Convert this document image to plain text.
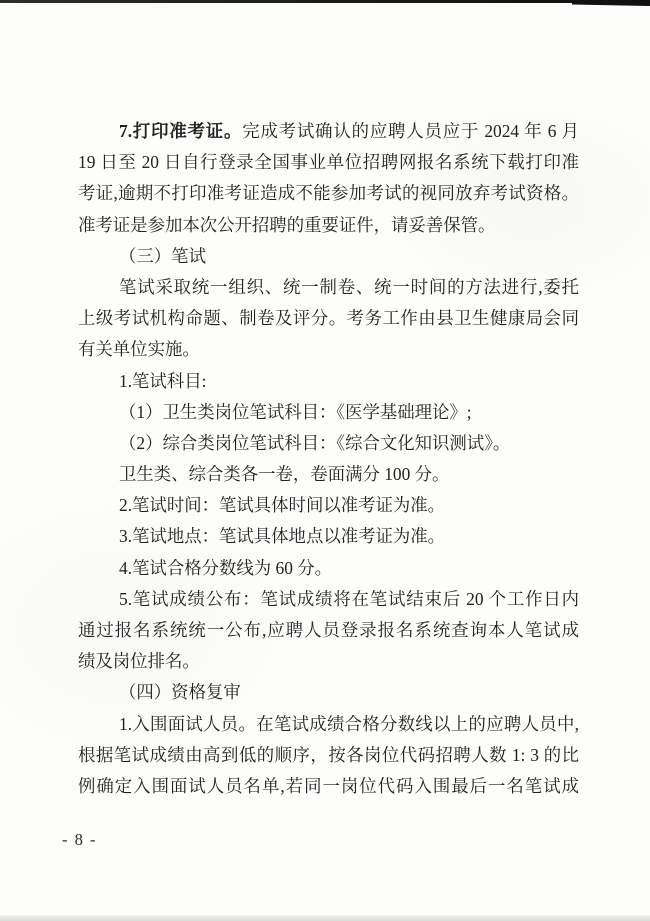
7.打印准考证。完成考试确认的应聘人员应于 2024 年 6 月
19 日至 20 日自行登录全国事业单位招聘网报名系统下载打印准
考证,逾期不打印准考证造成不能参加考试的视同放弃考试资格。
准考证是参加本次公开招聘的重要证件，请妥善保管。
（三）笔试
笔试采取统一组织、统一制卷、统一时间的方法进行,委托
上级考试机构命题、制卷及评分。考务工作由县卫生健康局会同
有关单位实施。
1.笔试科目:
（1）卫生类岗位笔试科目：《医学基础理论》;
（2）综合类岗位笔试科目：《综合文化知识测试》。
卫生类、综合类各一卷，卷面满分 100 分。
2.笔试时间：笔试具体时间以准考证为准。
3.笔试地点：笔试具体地点以准考证为准。
4.笔试合格分数线为 60 分。
5.笔试成绩公布：笔试成绩将在笔试结束后 20 个工作日内
通过报名系统统一公布,应聘人员登录报名系统查询本人笔试成
绩及岗位排名。
（四）资格复审
1.入围面试人员。在笔试成绩合格分数线以上的应聘人员中,
根据笔试成绩由高到低的顺序，按各岗位代码招聘人数 1: 3 的比
例确定入围面试人员名单,若同一岗位代码入围最后一名笔试成
- 8 -
